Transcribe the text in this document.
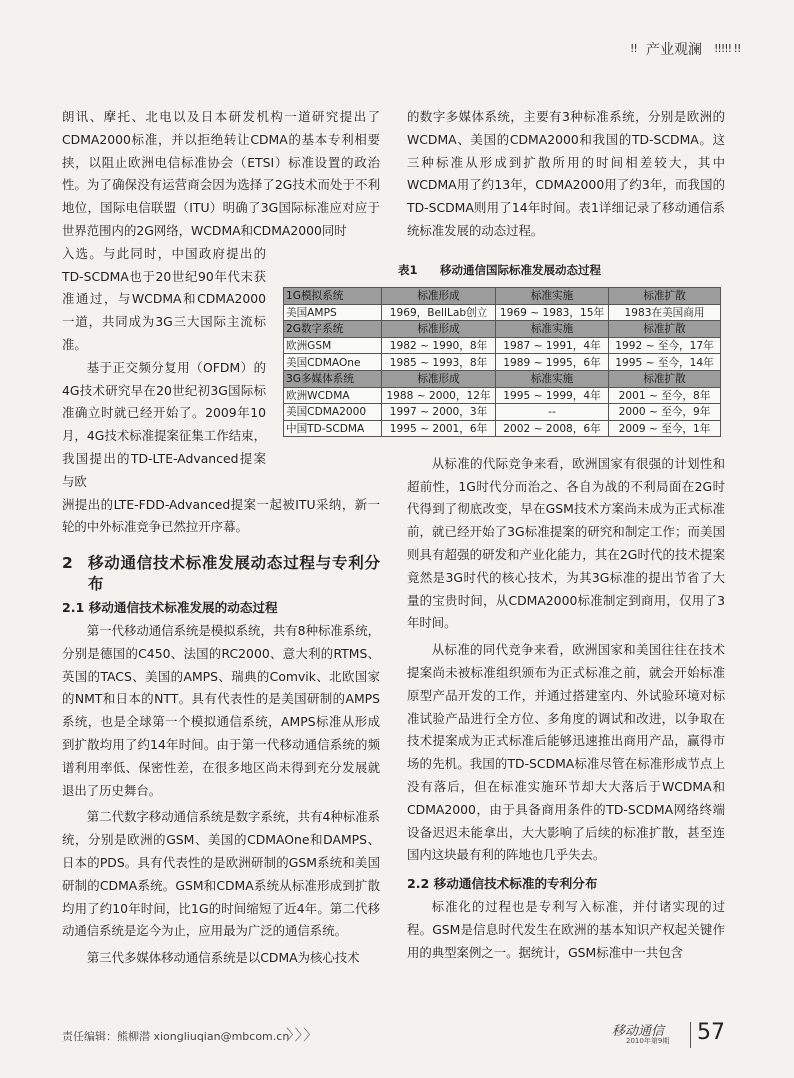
!! 产业观澜 !!!!! !!

朗讯、摩托、北电以及日本研发机构一道研究提出了CDMA2000标准，并以拒绝转让CDMA的基本专利相要挟，以阻止欧洲电信标准协会（ETSI）标准设置的政治性。为了确保没有运营商会因为选择了2G技术而处于不利地位，国际电信联盟（ITU）明确了3G国际标准应对应于世界范围内的2G网络，WCDMA和CDMA2000同时

入选。与此同时，中国政府提出的TD-SCDMA也于20世纪90年代末获准通过，与WCDMA和CDMA2000一道，共同成为3G三大国际主流标准。

基于正交频分复用（OFDM）的4G技术研究早在20世纪初3G国际标准确立时就已经开始了。2009年10月，4G技术标准提案征集工作结束，我国提出的TD-LTE-Advanced提案与欧

洲提出的LTE-FDD-Advanced提案一起被ITU采纳，新一轮的中外标准竞争已然拉开序幕。

2 移动通信技术标准发展动态过程与专利分布
2.1 移动通信技术标准发展的动态过程

第一代移动通信系统是模拟系统，共有8种标准系统，分别是德国的C450、法国的RC2000、意大利的RTMS、英国的TACS、美国的AMPS、瑞典的Comvik、北欧国家的NMT和日本的NTT。具有代表性的是美国研制的AMPS系统，也是全球第一个模拟通信系统，AMPS标准从形成到扩散均用了约14年时间。由于第一代移动通信系统的频谱利用率低、保密性差，在很多地区尚未得到充分发展就退出了历史舞台。

第二代数字移动通信系统是数字系统，共有4种标准系统，分别是欧洲的GSM、美国的CDMAOne和DAMPS、日本的PDS。具有代表性的是欧洲研制的GSM系统和美国研制的CDMA系统。GSM和CDMA系统从标准形成到扩散均用了约10年时间，比1G的时间缩短了近4年。第二代移动通信系统是迄今为止，应用最为广泛的通信系统。

第三代多媒体移动通信系统是以CDMA为核心技术

的数字多媒体系统，主要有3种标准系统，分别是欧洲的WCDMA、美国的CDMA2000和我国的TD-SCDMA。这三种标准从形成到扩散所用的时间相差较大，其中WCDMA用了约13年，CDMA2000用了约3年，而我国的TD-SCDMA则用了14年时间。表1详细记录了移动通信系统标准发展的动态过程。

从标准的代际竞争来看，欧洲国家有很强的计划性和超前性，1G时代分而治之、各自为战的不利局面在2G时代得到了彻底改变，早在GSM技术方案尚未成为正式标准前，就已经开始了3G标准提案的研究和制定工作；而美国则具有超强的研发和产业化能力，其在2G时代的技术提案竟然是3G时代的核心技术，为其3G标准的提出节省了大量的宝贵时间，从CDMA2000标准制定到商用，仅用了3年时间。

从标准的同代竞争来看，欧洲国家和美国往往在技术提案尚未被标准组织颁布为正式标准之前，就会开始标准原型产品开发的工作，并通过搭建室内、外试验环境对标准试验产品进行全方位、多角度的调试和改进，以争取在技术提案成为正式标准后能够迅速推出商用产品，赢得市场的先机。我国的TD-SCDMA标准尽管在标准形成节点上没有落后，但在标准实施环节却大大落后于WCDMA和CDMA2000，由于具备商用条件的TD-SCDMA网络终端设备迟迟未能拿出，大大影响了后续的标准扩散，甚至连国内这块最有利的阵地也几乎失去。

2.2 移动通信技术标准的专利分布

标准化的过程也是专利写入标准，并付诸实现的过程。GSM是信息时代发生在欧洲的基本知识产权起关键作用的典型案例之一。据统计，GSM标准中一共包含

表1 移动通信国际标准发展动态过程
1G模拟系统	标准形成	标准实施	标准扩散
美国AMPS	1969，BellLab创立	1969 ~ 1983，15年	1983在美国商用
2G数字系统	标准形成	标准实施	标准扩散
欧洲GSM	1982 ~ 1990，8年	1987 ~ 1991，4年	1992 ~ 至今，17年
美国CDMAOne	1985 ~ 1993，8年	1989 ~ 1995，6年	1995 ~ 至今，14年
3G多媒体系统	标准形成	标准实施	标准扩散
欧洲WCDMA	1988 ~ 2000，12年	1995 ~ 1999，4年	2001 ~ 至今，8年
美国CDMA2000	1997 ~ 2000，3年	--	2000 ~ 至今，9年
中国TD-SCDMA	1995 ~ 2001，6年	2002 ~ 2008，6年	2009 ~ 至今，1年
责任编辑：熊柳潜 xiongliuqian@mbcom.cn
〉〉〉	移动通信
2010年第9期 57
